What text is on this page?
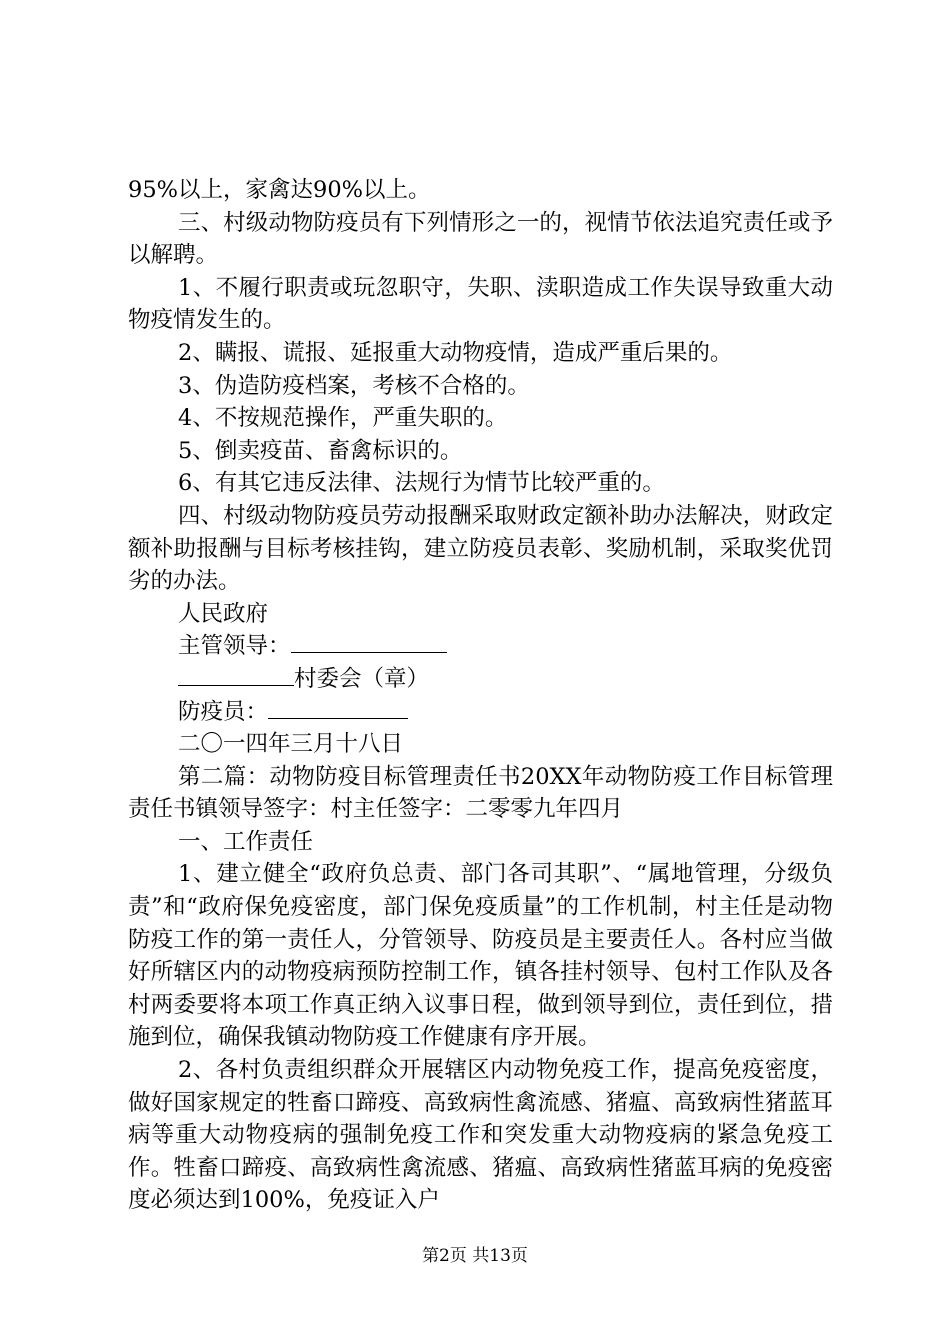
95%以上，家禽达90%以上。

三、村级动物防疫员有下列情形之一的，视情节依法追究责任或予以解聘。

1、不履行职责或玩忽职守，失职、渎职造成工作失误导致重大动物疫情发生的。

2、瞒报、谎报、延报重大动物疫情，造成严重后果的。

3、伪造防疫档案，考核不合格的。

4、不按规范操作，严重失职的。

5、倒卖疫苗、畜禽标识的。

6、有其它违反法律、法规行为情节比较严重的。

四、村级动物防疫员劳动报酬采取财政定额补助办法解决，财政定额补助报酬与目标考核挂钩，建立防疫员表彰、奖励机制，采取奖优罚劣的办法。

人民政府

主管领导：

村委会（章）

防疫员：

二〇一四年三月十八日

第二篇：动物防疫目标管理责任书20XX年动物防疫工作目标管理责任书镇领导签字：村主任签字：二零零九年四月

一、工作责任

1、建立健全“政府负总责、部门各司其职”、“属地管理，分级负责”和“政府保免疫密度，部门保免疫质量”的工作机制，村主任是动物防疫工作的第一责任人，分管领导、防疫员是主要责任人。各村应当做好所辖区内的动物疫病预防控制工作，镇各挂村领导、包村工作队及各村两委要将本项工作真正纳入议事日程，做到领导到位，责任到位，措施到位，确保我镇动物防疫工作健康有序开展。

2、各村负责组织群众开展辖区内动物免疫工作，提高免疫密度，做好国家规定的牲畜口蹄疫、高致病性禽流感、猪瘟、高致病性猪蓝耳病等重大动物疫病的强制免疫工作和突发重大动物疫病的紧急免疫工作。牲畜口蹄疫、高致病性禽流感、猪瘟、高致病性猪蓝耳病的免疫密度必须达到100%，免疫证入户

第2页 共13页
